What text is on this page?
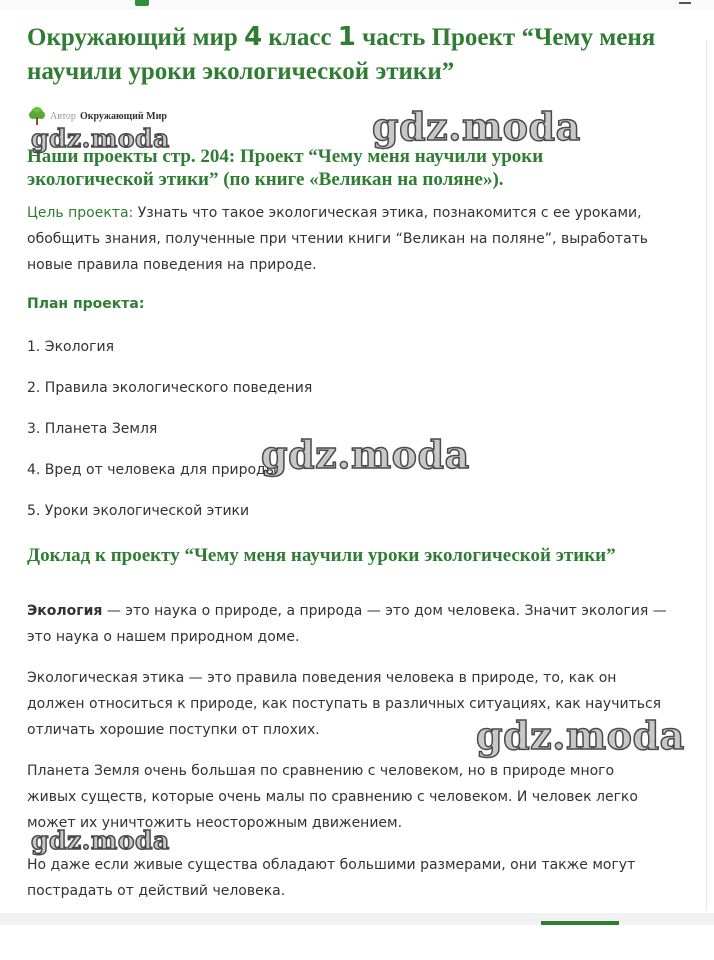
Окружающий мир 4 класс 1 часть Проект “Чему меня научили уроки экологической этики”
Автор Окружающий Мир
Наши проекты стр. 204: Проект “Чему меня научили уроки экологической этики” (по книге «Великан на поляне»).

Цель проекта: Узнать что такое экологическая этика, познакомится с ее уроками, обобщить знания, полученные при чтении книги “Великан на поляне”, выработать новые правила поведения на природе.

План проекта:

1. Экология
2. Правила экологического поведения
3. Планета Земля
4. Вред от человека для природы
5. Уроки экологической этики
Доклад к проекту “Чему меня научили уроки экологической этики”

Экология — это наука о природе, а природа — это дом человека. Значит экология — это наука о нашем природном доме.

Экологическая этика — это правила поведения человека в природе, то, как он должен относиться к природе, как поступать в различных ситуациях, как научиться отличать хорошие поступки от плохих.

Планета Земля очень большая по сравнению с человеком, но в природе много живых существ, которые очень малы по сравнению с человеком. И человек легко может их уничтожить неосторожным движением.

Но даже если живые существа обладают большими размерами, они также могут пострадать от действий человека.

gdz.moda	gdz.moda
gdz.moda
gdz.moda
gdz.moda
